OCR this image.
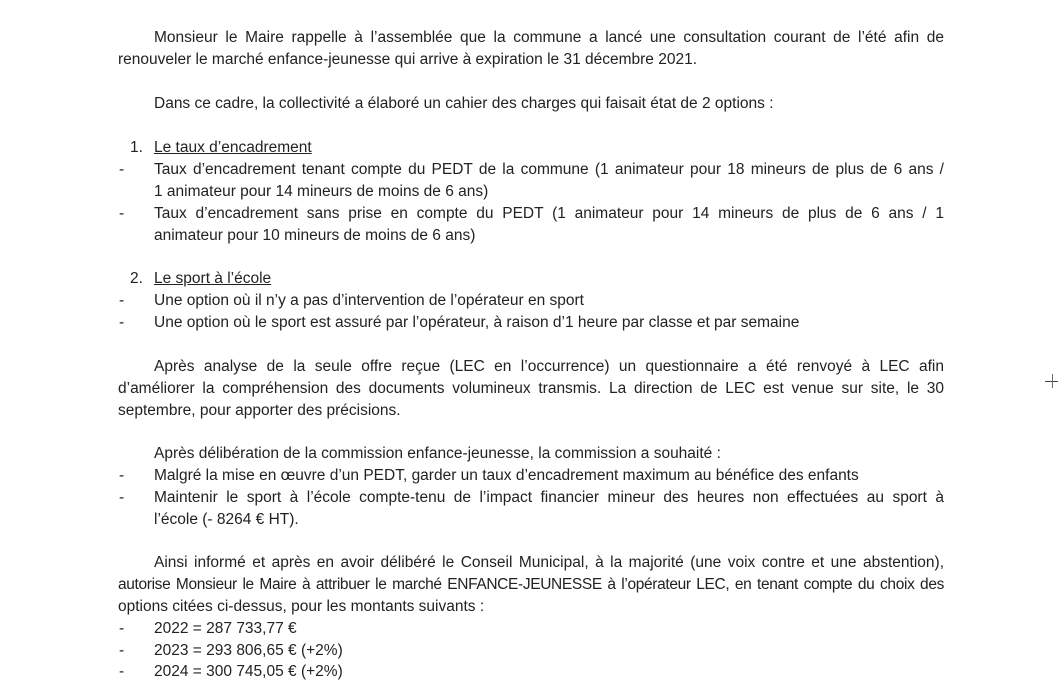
Monsieur le Maire rappelle à l’assemblée que la commune a lancé une consultation courant de l’été afin de
renouveler le marché enfance-jeunesse qui arrive à expiration le 31 décembre 2021.
Dans ce cadre, la collectivité a élaboré un cahier des charges qui faisait état de 2 options :
1. Le taux d’encadrement
- Taux d’encadrement tenant compte du PEDT de la commune (1 animateur pour 18 mineurs de plus de 6 ans /
1 animateur pour 14 mineurs de moins de 6 ans)
- Taux d’encadrement sans prise en compte du PEDT (1 animateur pour 14 mineurs de plus de 6 ans / 1
animateur pour 10 mineurs de moins de 6 ans)
2. Le sport à l’école
- Une option où il n’y a pas d’intervention de l’opérateur en sport
- Une option où le sport est assuré par l’opérateur, à raison d’1 heure par classe et par semaine
Après analyse de la seule offre reçue (LEC en l’occurrence) un questionnaire a été renvoyé à LEC afin
d’améliorer la compréhension des documents volumineux transmis. La direction de LEC est venue sur site, le 30
septembre, pour apporter des précisions.
Après délibération de la commission enfance-jeunesse, la commission a souhaité :
- Malgré la mise en œuvre d’un PEDT, garder un taux d’encadrement maximum au bénéfice des enfants
- Maintenir le sport à l’école compte-tenu de l’impact financier mineur des heures non effectuées au sport à
l’école (- 8264 € HT).
Ainsi informé et après en avoir délibéré le Conseil Municipal, à la majorité (une voix contre et une abstention),
autorise Monsieur le Maire à attribuer le marché ENFANCE-JEUNESSE à l’opérateur LEC, en tenant compte du choix des
options citées ci-dessus, pour les montants suivants :
- 2022 = 287 733,77 €
- 2023 = 293 806,65 € (+2%)
- 2024 = 300 745,05 € (+2%)
